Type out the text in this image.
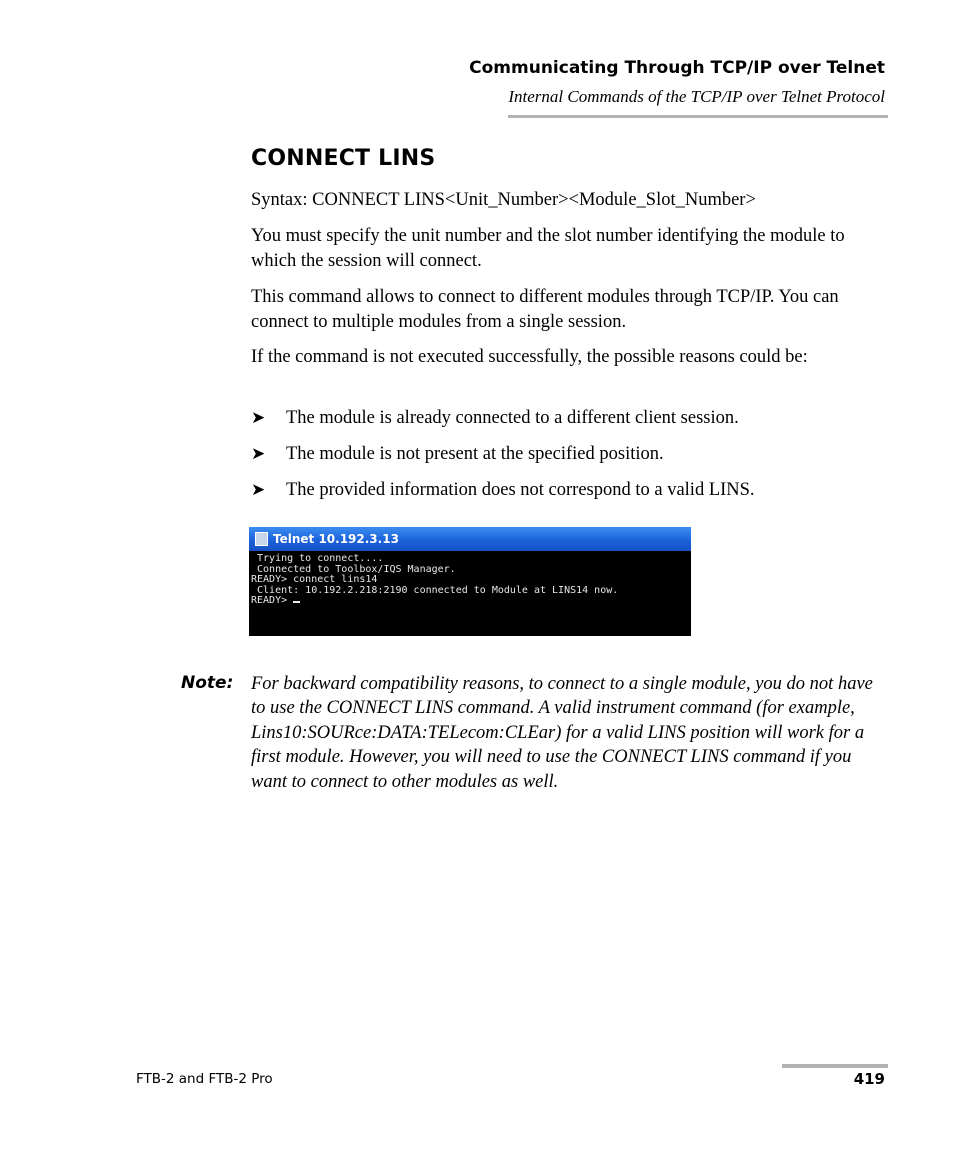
Communicating Through TCP/IP over Telnet
Internal Commands of the TCP/IP over Telnet Protocol
CONNECT LINS
Syntax: CONNECT LINS<Unit_Number><Module_Slot_Number>
You must specify the unit number and the slot number identifying the module to which the session will connect.
This command allows to connect to different modules through TCP/IP. You can connect to multiple modules from a single session.
If the command is not executed successfully, the possible reasons could be:
➤ The module is already connected to a different client session.
➤ The module is not present at the specified position.
➤ The provided information does not correspond to a valid LINS.
Telnet 10.192.3.13
Trying to connect....
Connected to Toolbox/IQS Manager.
READY> connect lins14
Client: 10.192.2.218:2190 connected to Module at LINS14 now.
READY>
Note: For backward compatibility reasons, to connect to a single module, you do not have to use the CONNECT LINS command. A valid instrument command (for example, Lins10:SOURce:DATA:TELecom:CLEar) for a valid LINS position will work for a first module. However, you will need to use the CONNECT LINS command if you want to connect to other modules as well.
FTB-2 and FTB-2 Pro	419
